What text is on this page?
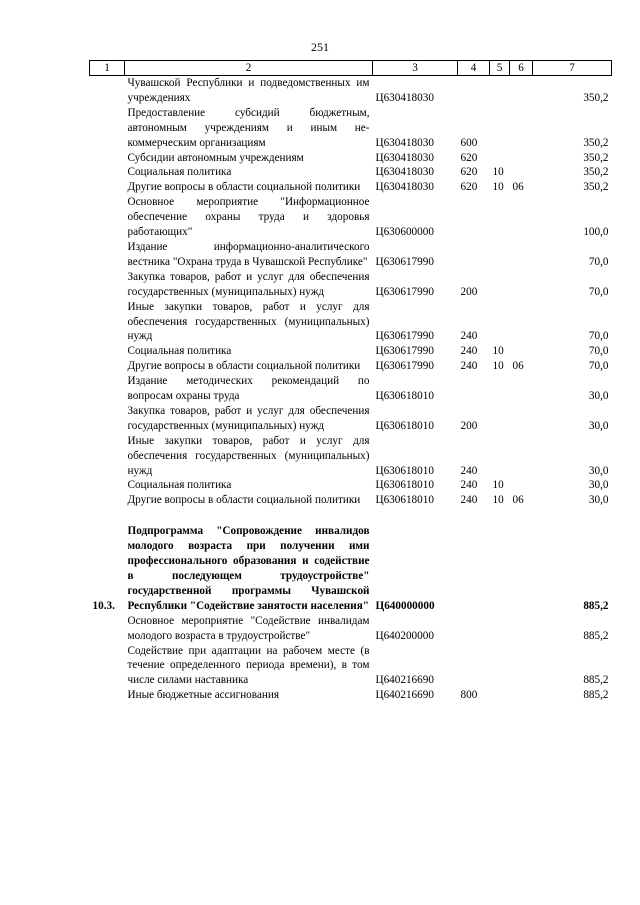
251
1	2	3	4	5	6	7
	Чувашской Республики и подведомственных им учреждениях	Ц630418030				350,2
	Предоставление субсидий бюджетным, автономным учреждениям и иным некоммерческим организациям	Ц630418030	600			350,2
	Субсидии автономным учреждениям	Ц630418030	620			350,2
	Социальная политика	Ц630418030	620	10		350,2
	Другие вопросы в области социальной политики	Ц630418030	620	10	06	350,2
	Основное мероприятие "Информационное обеспечение охраны труда и здоровья работающих"	Ц630600000				100,0
	Издание информационно-аналитического вестника "Охрана труда в Чувашской Республике"	Ц630617990				70,0
	Закупка товаров, работ и услуг для обеспечения государственных (муниципальных) нужд	Ц630617990	200			70,0
	Иные закупки товаров, работ и услуг для обеспечения государственных (муниципальных) нужд	Ц630617990	240			70,0
	Социальная политика	Ц630617990	240	10		70,0
	Другие вопросы в области социальной политики	Ц630617990	240	10	06	70,0
	Издание методических рекомендаций по вопросам охраны труда	Ц630618010				30,0
	Закупка товаров, работ и услуг для обеспечения государственных (муниципальных) нужд	Ц630618010	200			30,0
	Иные закупки товаров, работ и услуг для обеспечения государственных (муниципальных) нужд	Ц630618010	240			30,0
	Социальная политика	Ц630618010	240	10		30,0
	Другие вопросы в области социальной политики	Ц630618010	240	10	06	30,0

10.3.	Подпрограмма "Сопровождение инвалидов молодого возраста при получении ими профессионального образования и содействие в последующем трудоустройстве" государственной программы Чувашской Республики "Содействие занятости населения"	Ц640000000				885,2
	Основное мероприятие "Содействие инвалидам молодого возраста в трудоустройстве"	Ц640200000				885,2
	Содействие при адаптации на рабочем месте (в течение определенного периода времени), в том числе силами наставника	Ц640216690				885,2
	Иные бюджетные ассигнования	Ц640216690	800			885,2
